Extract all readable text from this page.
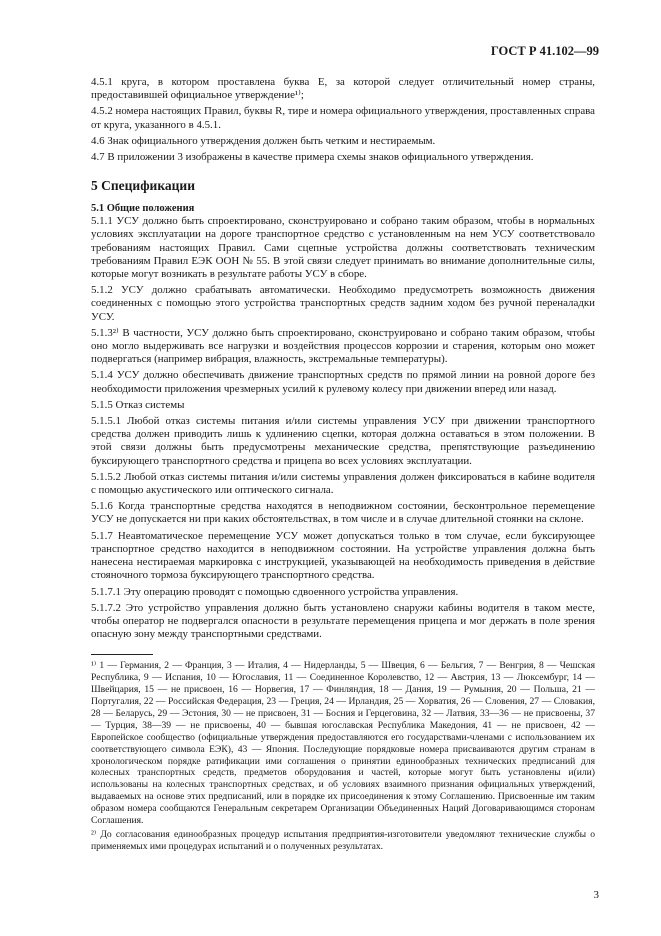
ГОСТ Р 41.102—99

4.5.1 круга, в котором проставлена буква E, за которой следует отличительный номер страны, предоставившей официальное утверждение¹⁾;

4.5.2 номера настоящих Правил, буквы R, тире и номера официального утверждения, проставленных справа от круга, указанного в 4.5.1.

4.6 Знак официального утверждения должен быть четким и нестираемым.

4.7 В приложении 3 изображены в качестве примера схемы знаков официального утверждения.

5 Спецификации
5.1 Общие положения

5.1.1 УСУ должно быть спроектировано, сконструировано и собрано таким образом, чтобы в нормальных условиях эксплуатации на дороге транспортное средство с установленным на нем УСУ соответствовало требованиям настоящих Правил. Сами сцепные устройства должны соответствовать техническим требованиям Правил ЕЭК ООН № 55. В этой связи следует принимать во внимание дополнительные силы, которые могут возникать в результате работы УСУ в сборе.

5.1.2 УСУ должно срабатывать автоматически. Необходимо предусмотреть возможность движения соединенных с помощью этого устройства транспортных средств задним ходом без ручной переналадки УСУ.

5.1.3²⁾ В частности, УСУ должно быть спроектировано, сконструировано и собрано таким образом, чтобы оно могло выдерживать все нагрузки и воздействия процессов коррозии и старения, которым оно может подвергаться (например вибрация, влажность, экстремальные температуры).

5.1.4 УСУ должно обеспечивать движение транспортных средств по прямой линии на ровной дороге без необходимости приложения чрезмерных усилий к рулевому колесу при движении вперед или назад.

5.1.5 Отказ системы

5.1.5.1 Любой отказ системы питания и/или системы управления УСУ при движении транспортного средства должен приводить лишь к удлинению сцепки, которая должна оставаться в этом положении. В этой связи должны быть предусмотрены механические средства, препятствующие разъединению буксирующего транспортного средства и прицепа во всех условиях эксплуатации.

5.1.5.2 Любой отказ системы питания и/или системы управления должен фиксироваться в кабине водителя с помощью акустического или оптического сигнала.

5.1.6 Когда транспортные средства находятся в неподвижном состоянии, бесконтрольное перемещение УСУ не допускается ни при каких обстоятельствах, в том числе и в случае длительной стоянки на склоне.

5.1.7 Неавтоматическое перемещение УСУ может допускаться только в том случае, если буксирующее транспортное средство находится в неподвижном состоянии. На устройстве управления должна быть нанесена нестираемая маркировка с инструкцией, указывающей на необходимость приведения в действие стояночного тормоза буксирующего транспортного средства.

5.1.7.1 Эту операцию проводят с помощью сдвоенного устройства управления.

5.1.7.2 Это устройство управления должно быть установлено снаружи кабины водителя в таком месте, чтобы оператор не подвергался опасности в результате перемещения прицепа и мог держать в поле зрения опасную зону между транспортными средствами.

¹⁾ 1 — Германия, 2 — Франция, 3 — Италия, 4 — Нидерланды, 5 — Швеция, 6 — Бельгия, 7 — Венгрия, 8 — Чешская Республика, 9 — Испания, 10 — Югославия, 11 — Соединенное Королевство, 12 — Австрия, 13 — Люксембург, 14 — Швейцария, 15 — не присвоен, 16 — Норвегия, 17 — Финляндия, 18 — Дания, 19 — Румыния, 20 — Польша, 21 — Португалия, 22 — Российская Федерация, 23 — Греция, 24 — Ирландия, 25 — Хорватия, 26 — Словения, 27 — Словакия, 28 — Беларусь, 29 — Эстония, 30 — не присвоен, 31 — Босния и Герцеговина, 32 — Латвия, 33—36 — не присвоены, 37 — Турция, 38—39 — не присвоены, 40 — бывшая югославская Республика Македония, 41 — не присвоен, 42 — Европейское сообщество (официальные утверждения предоставляются его государствами-членами с использованием их соответствующего символа ЕЭК), 43 — Япония. Последующие порядковые номера присваиваются другим странам в хронологическом порядке ратификации ими соглашения о принятии единообразных технических предписаний для колесных транспортных средств, предметов оборудования и частей, которые могут быть установлены и(или) использованы на колесных транспортных средствах, и об условиях взаимного признания официальных утверждений, выдаваемых на основе этих предписаний, или в порядке их присоединения к этому Соглашению. Присвоенные им таким образом номера сообщаются Генеральным секретарем Организации Объединенных Наций Договаривающимся сторонам Соглашения.

²⁾ До согласования единообразных процедур испытания предприятия-изготовители уведомляют технические службы о применяемых ими процедурах испытаний и о полученных результатах.

3
